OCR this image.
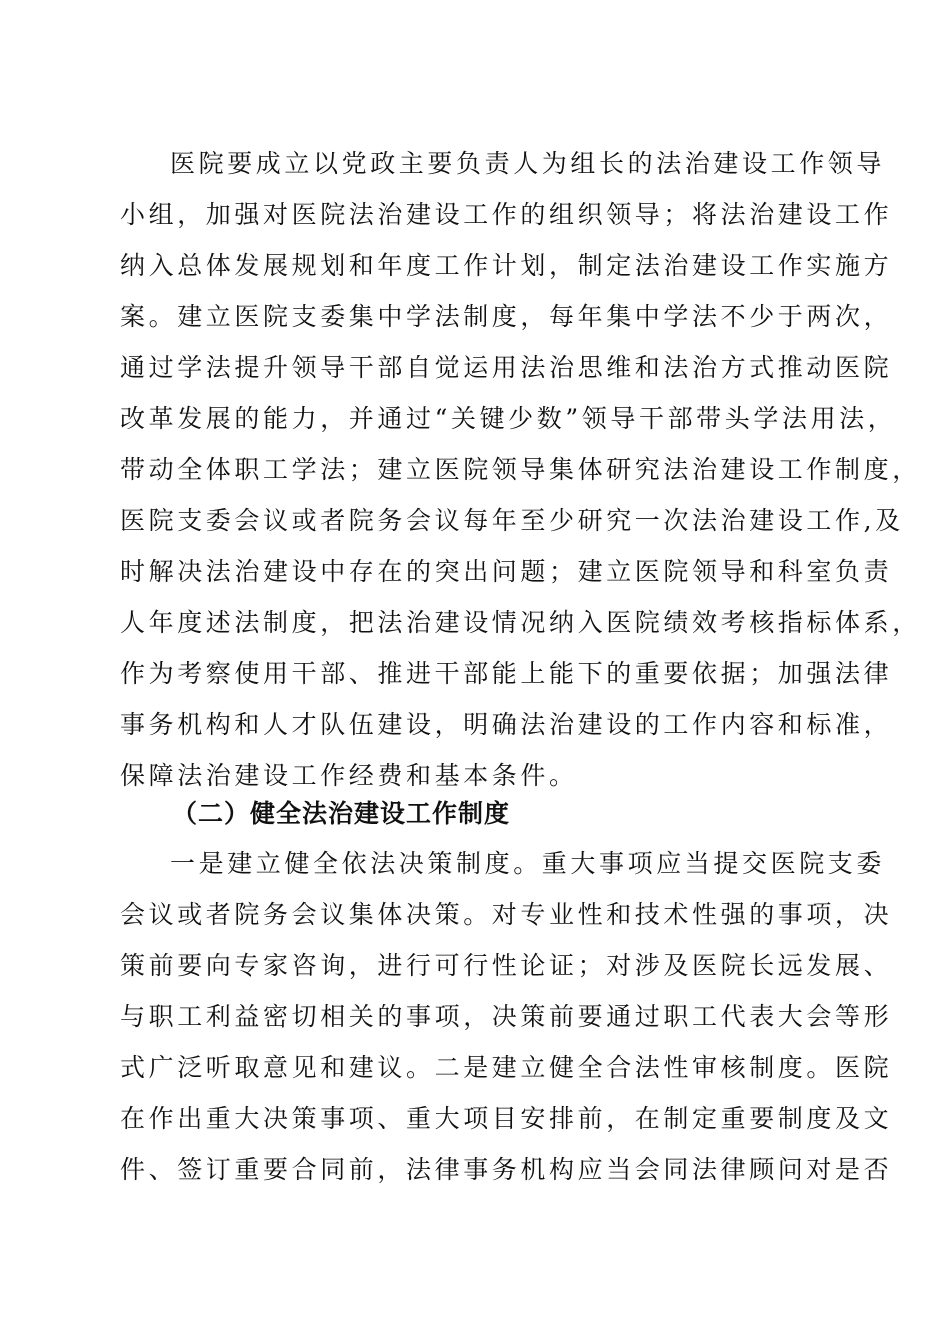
医院要成立以党政主要负责人为组长的法治建设工作领导
小组，加强对医院法治建设工作的组织领导；将法治建设工作
纳入总体发展规划和年度工作计划，制定法治建设工作实施方
案。建立医院支委集中学法制度，每年集中学法不少于两次，
通过学法提升领导干部自觉运用法治思维和法治方式推动医院
改革发展的能力，并通过“关键少数”领导干部带头学法用法，
带动全体职工学法；建立医院领导集体研究法治建设工作制度，
医院支委会议或者院务会议每年至少研究一次法治建设工作,及
时解决法治建设中存在的突出问题；建立医院领导和科室负责
人年度述法制度，把法治建设情况纳入医院绩效考核指标体系，
作为考察使用干部、推进干部能上能下的重要依据；加强法律
事务机构和人才队伍建设，明确法治建设的工作内容和标准，
保障法治建设工作经费和基本条件。
（二）健全法治建设工作制度
一是建立健全依法决策制度。重大事项应当提交医院支委
会议或者院务会议集体决策。对专业性和技术性强的事项，决
策前要向专家咨询，进行可行性论证；对涉及医院长远发展、
与职工利益密切相关的事项，决策前要通过职工代表大会等形
式广泛听取意见和建议。二是建立健全合法性审核制度。医院
在作出重大决策事项、重大项目安排前，在制定重要制度及文
件、签订重要合同前，法律事务机构应当会同法律顾问对是否
